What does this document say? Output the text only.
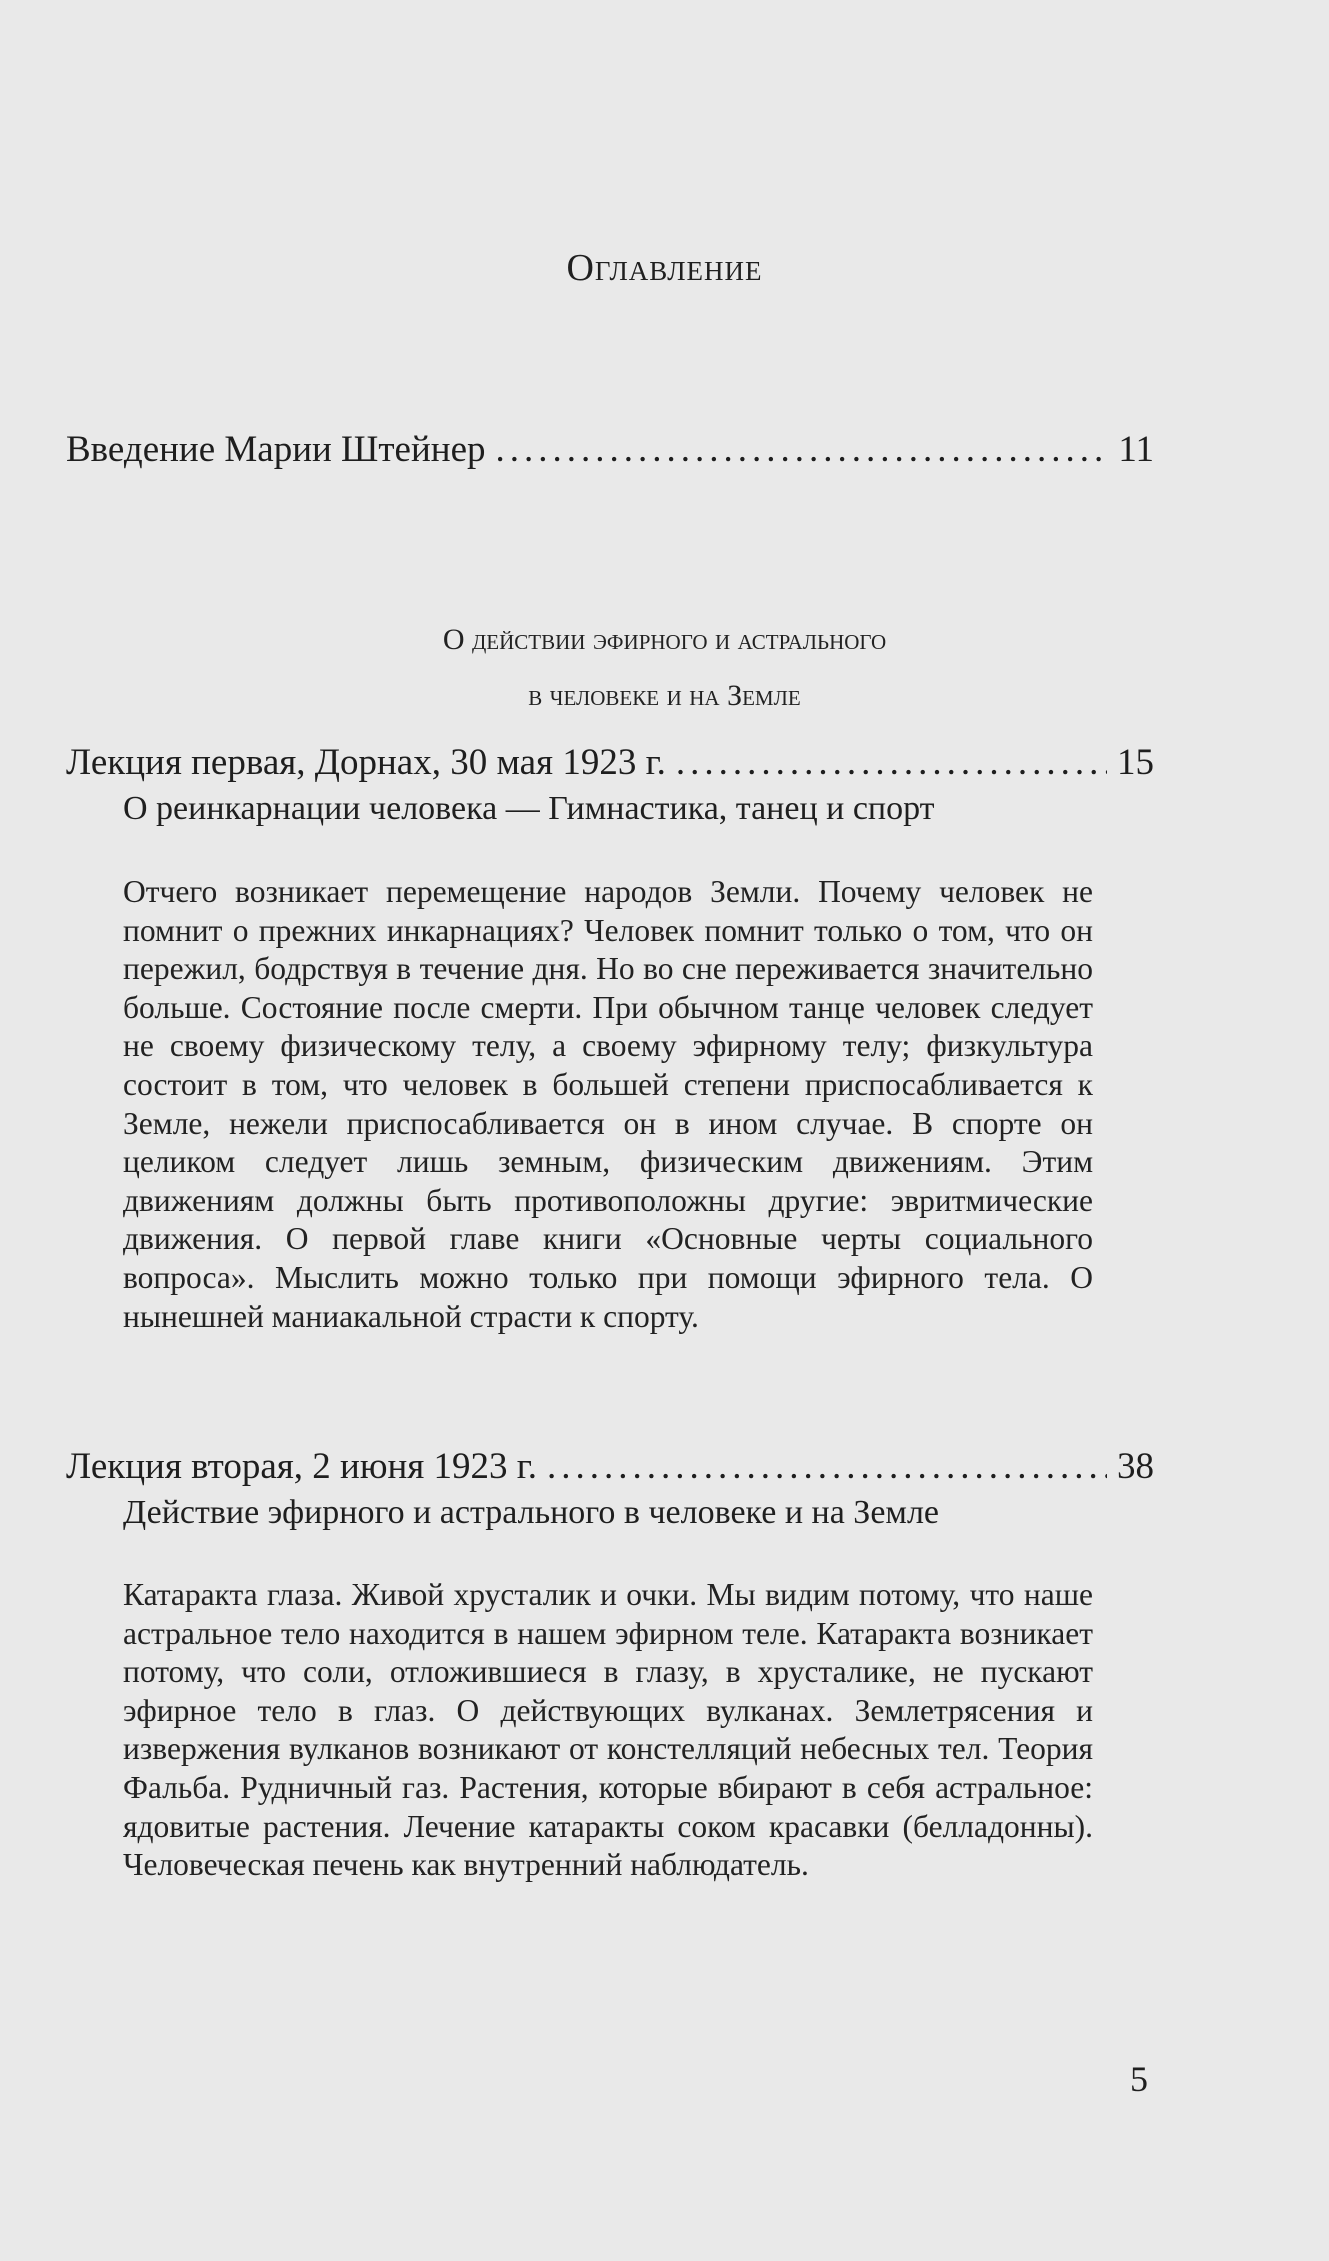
Оглавление
Введение Марии Штейнер .....	11
О действии эфирного и астрального
в человеке и на Земле
Лекция первая, Дорнах, 30 мая 1923 г. .....	15
О реинкарнации человека — Гимнастика, танец и спорт
Отчего возникает перемещение народов Земли. Почему человек не помнит о прежних инкарнациях? Человек помнит только о том, что он пережил, бодрствуя в течение дня. Но во сне переживается значительно больше. Состояние после смерти. При обычном танце человек следует не своему физическому телу, а своему эфирному телу; физкультура состоит в том, что человек в большей степени приспосабливается к Земле, нежели приспосабливается он в ином случае. В спорте он целиком следует лишь земным, физическим движениям. Этим движениям должны быть противоположны другие: эвритмические движения. О первой главе книги «Основные черты социального вопроса». Мыслить можно только при помощи эфирного тела. О нынешней маниакальной страсти к спорту.
Лекция вторая, 2 июня 1923 г. .....	38
Действие эфирного и астрального в человеке и на Земле
Катаракта глаза. Живой хрусталик и очки. Мы видим потому, что наше астральное тело находится в нашем эфирном теле. Катаракта возникает потому, что соли, отложившиеся в глазу, в хрусталике, не пускают эфирное тело в глаз. О действующих вулканах. Землетрясения и извержения вулканов возникают от констелляций небесных тел. Теория Фальба. Рудничный газ. Растения, которые вбирают в себя астральное: ядовитые растения. Лечение катаракты соком красавки (белладонны). Человеческая печень как внутренний наблюдатель.
5
